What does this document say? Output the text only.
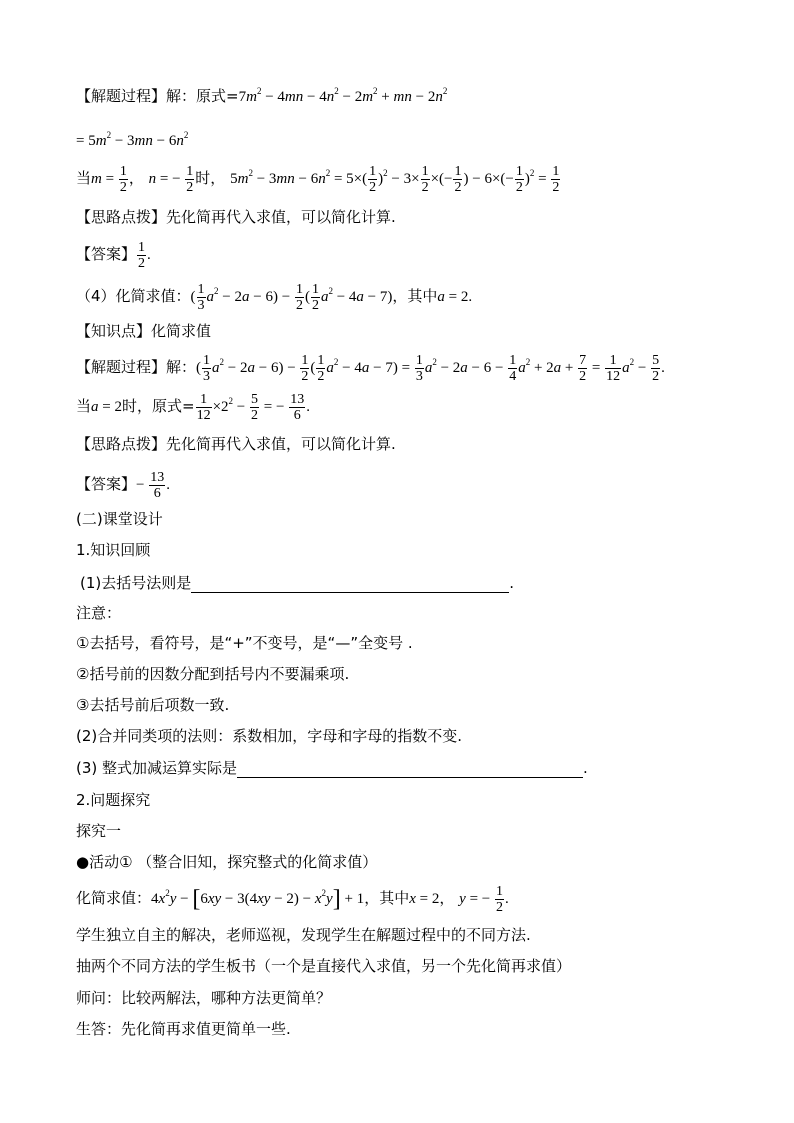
【解题过程】解：原式$=7m^2 - 4mn - 4n^2 - 2m^2$ + mn − $2n^2$
= $5m^2 - 3mn - 6n^2$
当$m = \frac{1}{2}$ ， n = − $\frac{1}{2}$ 时， $5m^2 - 3mn - 6n^2 = 5\times( \frac{1}{2} )^2 - 3\times \frac{1}{2}$ ×(− $\frac{1}{2}$ ) − $6\times(- \frac{1}{2} )^2 = \frac{1}{2}$
【思路点拨】先化简再代入求值，可以简化计算.
【答案】 $\frac{1}{2}$ .
（4）化简求值：( $\frac{1}{3} a^2 - 2a - 6) - \frac{1}{2}$ ( $\frac{1}{2} a^2 - 4a - 7$)，其中a = 2.
【知识点】化简求值
【解题过程】解：( $\frac{1}{3} a^2 - 2a - 6) - \frac{1}{2}$ ( $\frac{1}{2} a^2 - 4a - 7) = \frac{1}{3} a^2 - 2a - 6 - \frac{1}{4} a^2 + 2a + \frac{7}{2} = \frac{1}{12} a^2 - \frac{5}{2}$ .
当a = 2时，原式= $\frac{1}{12} \times 2^2 - \frac{5}{2}$ = − $\frac{13}{6}$ .
【思路点拨】先化简再代入求值，可以简化计算.
【答案】− $\frac{13}{6}$ .
(二)课堂设计
1.知识回顾
(1)去括号法则是	.
注意：
①去括号，看符号，是“+”不变号，是“—”全变号 .
②括号前的因数分配到括号内不要漏乘项.
③去括号前后项数一致.
(2)合并同类项的法则：系数相加，字母和字母的指数不变.
(3) 整式加减运算实际是	.
2.问题探究
探究一
●活动① （整合旧知，探究整式的化简求值）
化简求值：$4x^2y - [6xy - 3(4xy - 2) - x^2y] + 1$，其中x = 2， y = − $\frac{1}{2}$ .
学生独立自主的解决，老师巡视，发现学生在解题过程中的不同方法.
抽两个不同方法的学生板书（一个是直接代入求值，另一个先化简再求值）
师问：比较两解法，哪种方法更简单？
生答：先化简再求值更简单一些.
